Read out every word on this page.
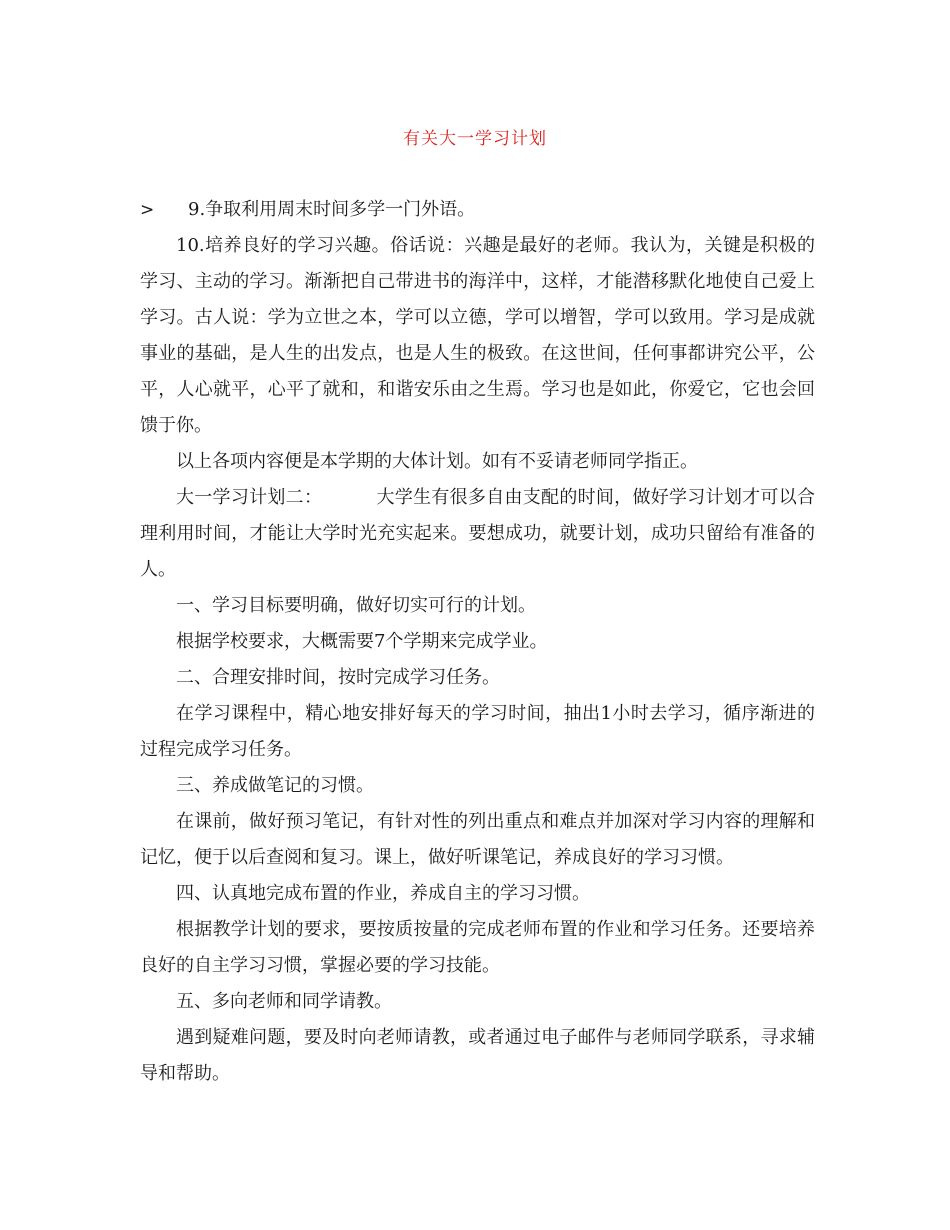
有关大一学习计划
> 9.争取利用周末时间多学一门外语。

10.培养良好的学习兴趣。俗话说：兴趣是最好的老师。我认为，关键是积极的学习、主动的学习。渐渐把自己带进书的海洋中，这样，才能潜移默化地使自己爱上学习。古人说：学为立世之本，学可以立德，学可以增智，学可以致用。学习是成就事业的基础，是人生的出发点，也是人生的极致。在这世间，任何事都讲究公平，公平，人心就平，心平了就和，和谐安乐由之生焉。学习也是如此，你爱它，它也会回馈于你。

以上各项内容便是本学期的大体计划。如有不妥请老师同学指正。

大一学习计划二：	大学生有很多自由支配的时间，做好学习计划才可以合理利用时间，才能让大学时光充实起来。要想成功，就要计划，成功只留给有准备的人。

一、学习目标要明确，做好切实可行的计划。

根据学校要求，大概需要7个学期来完成学业。

二、合理安排时间，按时完成学习任务。

在学习课程中，精心地安排好每天的学习时间，抽出1小时去学习，循序渐进的过程完成学习任务。

三、养成做笔记的习惯。

在课前，做好预习笔记，有针对性的列出重点和难点并加深对学习内容的理解和记忆，便于以后查阅和复习。课上，做好听课笔记，养成良好的学习习惯。

四、认真地完成布置的作业，养成自主的学习习惯。

根据教学计划的要求，要按质按量的完成老师布置的作业和学习任务。还要培养良好的自主学习习惯，掌握必要的学习技能。

五、多向老师和同学请教。

遇到疑难问题，要及时向老师请教，或者通过电子邮件与老师同学联系，寻求辅导和帮助。
